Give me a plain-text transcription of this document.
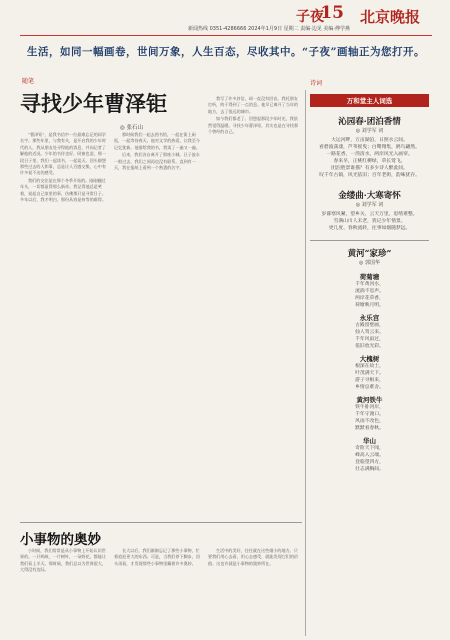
子夜
15 北京晚报
新闻热线 0351-4286666 2024年1月9日 星期二 责编·边见 美编·傅学燕
生活，如同一幅画卷，世间万象，人生百态，尽收其中。“子夜”画轴正为您打开。
随笔
寻找少年曹泽钜
◎ 张石山

“曹泽钜”，是我书信中一位最难忘记的同学名字。那些年里，与我有关，是开启我的少年时代的人，我从朋友处寻得他的消息，并向记者了解他的近况。少年的书伴也好，同窗也罢，那一段日子里，我们一起读书，一起谈天。回头细想那些过去的人和事，总是让人百感交集，心中有许多说不出的感受。

我们的交往是在那个冬季开始的。刚刚翻过年头，一切都显得那么新奇。我记得他总是笑着，说起自己家里的事，仿佛那只是寻常日子。多年以后，我才明白，那份从容是何等的难得。

那时候我们一起去图书馆，一起在街上闲逛，一起等待春天。他对文学的热爱，让我至今记忆犹新。他借给我的书，我读了一遍又一遍。

后来，我们各自离开了那座小城。日子流水一般过去，我们之间再也没有联系。直到有一天，我在报纸上看到一个熟悉的名字。

我写了许多封信，却一直没有回音。我托朋友打听，终于得到了一点消息。他早已离开了当年的地方，去了很远的城市。

如今我们都老了。回想起那段少年时光，我依然觉得温暖。寻找少年曹泽钜，其实也是在寻找那个曾经的自己。

小事物的奥妙

小时候，我们常常是从小事物上开始认识世界的。一只蚂蚁，一片树叶，一朵野花，都能让我们看上半天。那时候，我们总以为世界很大，大得没有边际。

长大以后，我们渐渐忘记了那些小事物，忙着追赶更大的东西。可是，当我们停下脚步，回头再看，才发现那些小事物里藏着许多奥妙。

生活中的美好，往往就在这些细小的地方。只要我们用心去看，用心去感受，就能发现它们的价值。这也许就是小事物的奥妙所在。

诗词
万和堂主人词选
沁园春·团泊香情
◎ 刘学军 词
大运河畔，万亩湖泊，日照水云间。
看碧波荡漾，芦苇摇曳；白鹭翔集，鸥鸟翩然。
一路花香，一湾清水，两岸风光入画帘。
春来早，正桃红柳绿，草长莺飞。
团泊胜景谁描？有多少诗人醉此间。
叹千年古镇，风光依旧；百年老街，韵味犹存。
金缕曲·大寒寄怀
◎ 刘学军 词
岁暮寒风紧，望乡关、云天万里，思绪难整。
雪满山川人未老，犹记少年情景。
更几度、春秋流转，往事如烟随梦远。
黄河“家珍”
◎ 郭国华
荷菊塘
千年黄河水，
流淌不息声。
两岸花草香，
荷塘映月明。
永乐宫
古殿留壁画，
仙人驾云来。
千年风雨过，
依旧放光彩。
大槐树
根深在故土，
叶茂满天下。
游子寻根来，
乡情总难舍。
黄河铁牛
铁牛卧河岸，
千年守渡口。
风雨不改色，
默默看春秋。
华山
奇险天下闻，
峰高入云端。
登临望四方，
壮志满胸间。
